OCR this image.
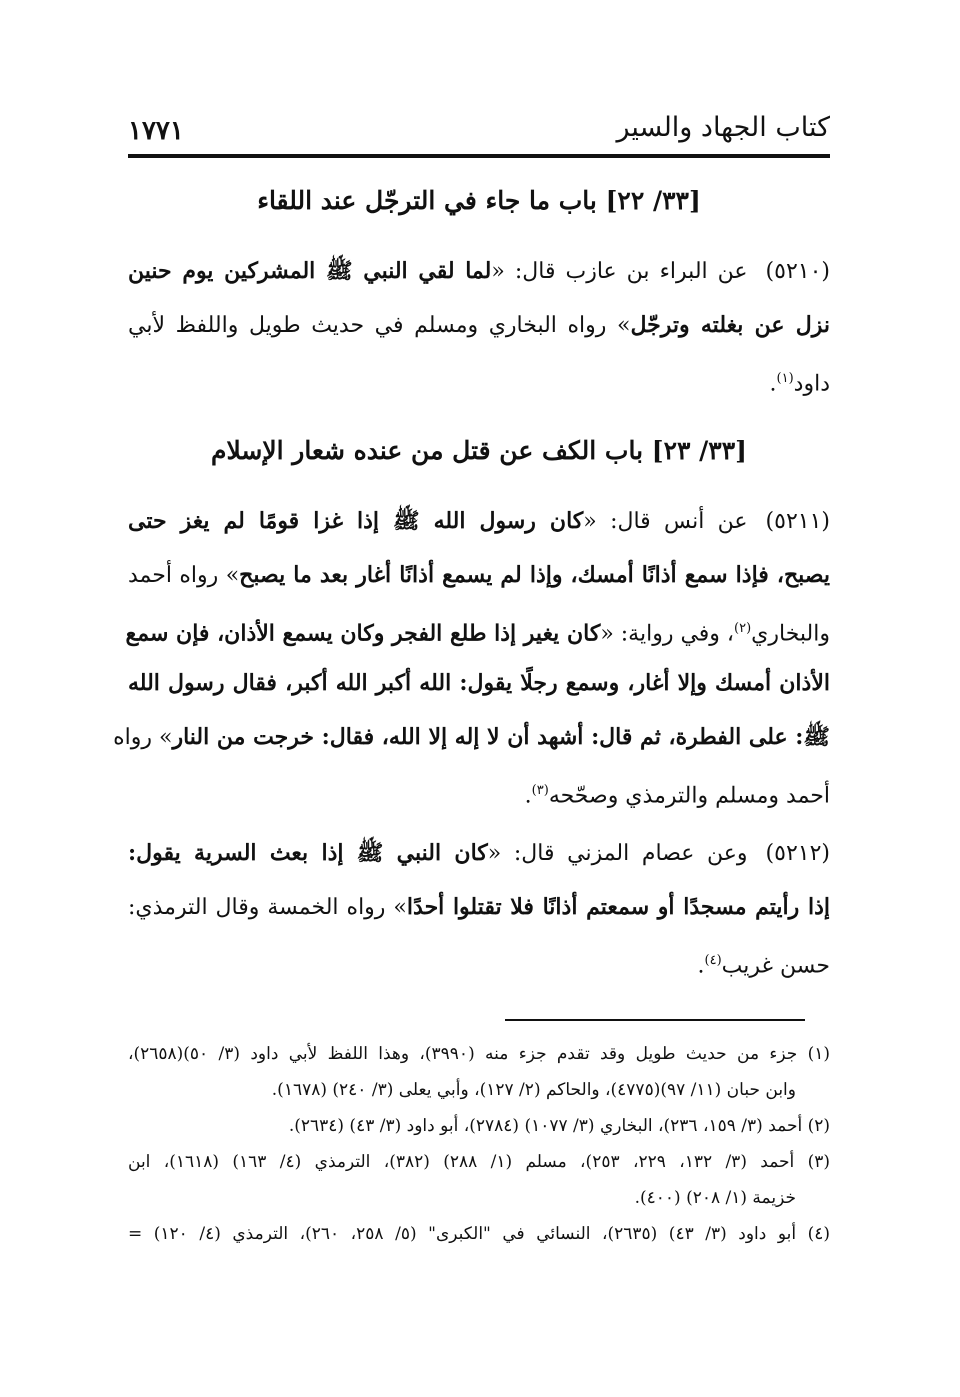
كتاب الجهاد والسير
١٧٧١
[٣٣/ ٢٢] باب ما جاء في الترجّل عند اللقاء
(٥٢١٠)عن البراء بن عازب قال: «لما لقي النبي ﷺ المشركين يوم حنين
نزل عن بغلته وترجّل» رواه البخاري ومسلم في حديث طويل واللفظ لأبي
داود$^{(١)}$.
[٣٣/ ٢٣] باب الكف عن قتل من عنده شعار الإسلام
(٥٢١١)عن أنس قال: «كان رسول الله ﷺ إذا غزا قومًا لم يغز حتى
يصبح، فإذا سمع أذانًا أمسك، وإذا لم يسمع أذانًا أغار بعد ما يصبح» رواه أحمد
والبخاري$^{(٢)}$، وفي رواية: «كان يغير إذا طلع الفجر وكان يسمع الأذان، فإن سمع
الأذان أمسك وإلا أغار، وسمع رجلًا يقول: الله أكبر الله أكبر، فقال رسول الله
ﷺ: على الفطرة، ثم قال: أشهد أن لا إله إلا الله، فقال: خرجت من النار» رواه
أحمد ومسلم والترمذي وصحّحه$^{(٣)}$.
(٥٢١٢)وعن عصام المزني قال: «كان النبي ﷺ إذا بعث السرية يقول:
إذا رأيتم مسجدًا أو سمعتم أذانًا فلا تقتلوا أحدًا» رواه الخمسة وقال الترمذي:
حسن غريب$^{(٤)}$.
(١) جزء من حديث طويل وقد تقدم جزء منه (٣٩٩٠)، وهذا اللفظ لأبي داود (٣/ ٥٠)(٢٦٥٨)،
وابن حبان (١١/ ٩٧)(٤٧٧٥)، والحاكم (٢/ ١٢٧)، وأبي يعلى (٣/ ٢٤٠) (١٦٧٨).
(٢) أحمد (٣/ ١٥٩، ٢٣٦)، البخاري (٣/ ١٠٧٧) (٢٧٨٤)، أبو داود (٣/ ٤٣) (٢٦٣٤).
(٣) أحمد (٣/ ١٣٢، ٢٢٩، ٢٥٣)، مسلم (١/ ٢٨٨) (٣٨٢)، الترمذي (٤/ ١٦٣) (١٦١٨)، ابن
خزيمة (١/ ٢٠٨) (٤٠٠).
(٤) أبو داود (٣/ ٤٣) (٢٦٣٥)، النسائي في "الكبرى" (٥/ ٢٥٨، ٢٦٠)، الترمذي (٤/ ١٢٠) =
